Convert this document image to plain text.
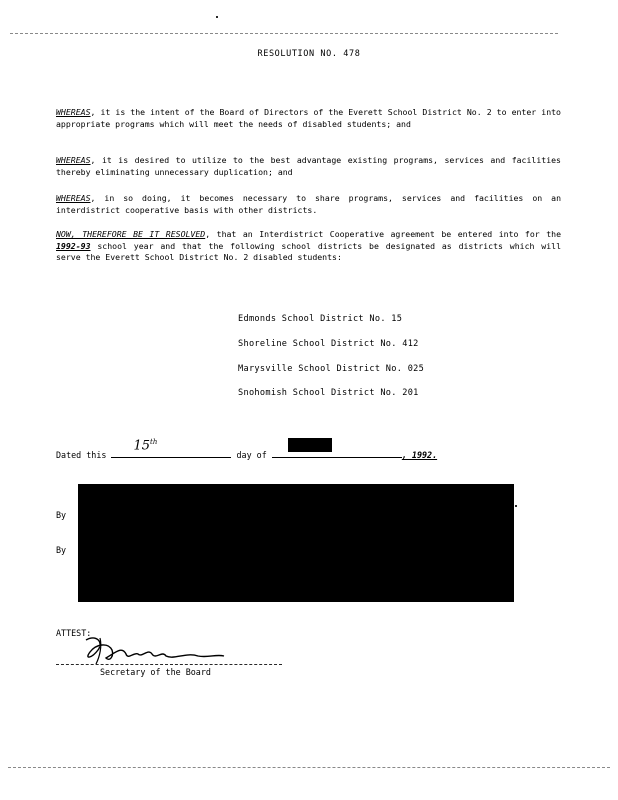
RESOLUTION NO. 478

WHEREAS, it is the intent of the Board of Directors of the Everett School District No. 2 to enter into appropriate programs which will meet the needs of disabled students; and

WHEREAS, it is desired to utilize to the best advantage existing programs, services and facilities thereby eliminating unnecessary duplication; and

WHEREAS, in so doing, it becomes necessary to share programs, services and facilities on an interdistrict cooperative basis with other districts.

NOW, THEREFORE BE IT RESOLVED, that an Interdistrict Cooperative agreement be entered into for the 1992-93 school year and that the following school districts be designated as districts which will serve the Everett School District No. 2 disabled students:

Edmonds School District No. 15
Shoreline School District No. 412
Marysville School District No. 025
Snohomish School District No. 201
Dated this
15th
day of	, 1992.
By
By
ATTEST:
Secretary of the Board
